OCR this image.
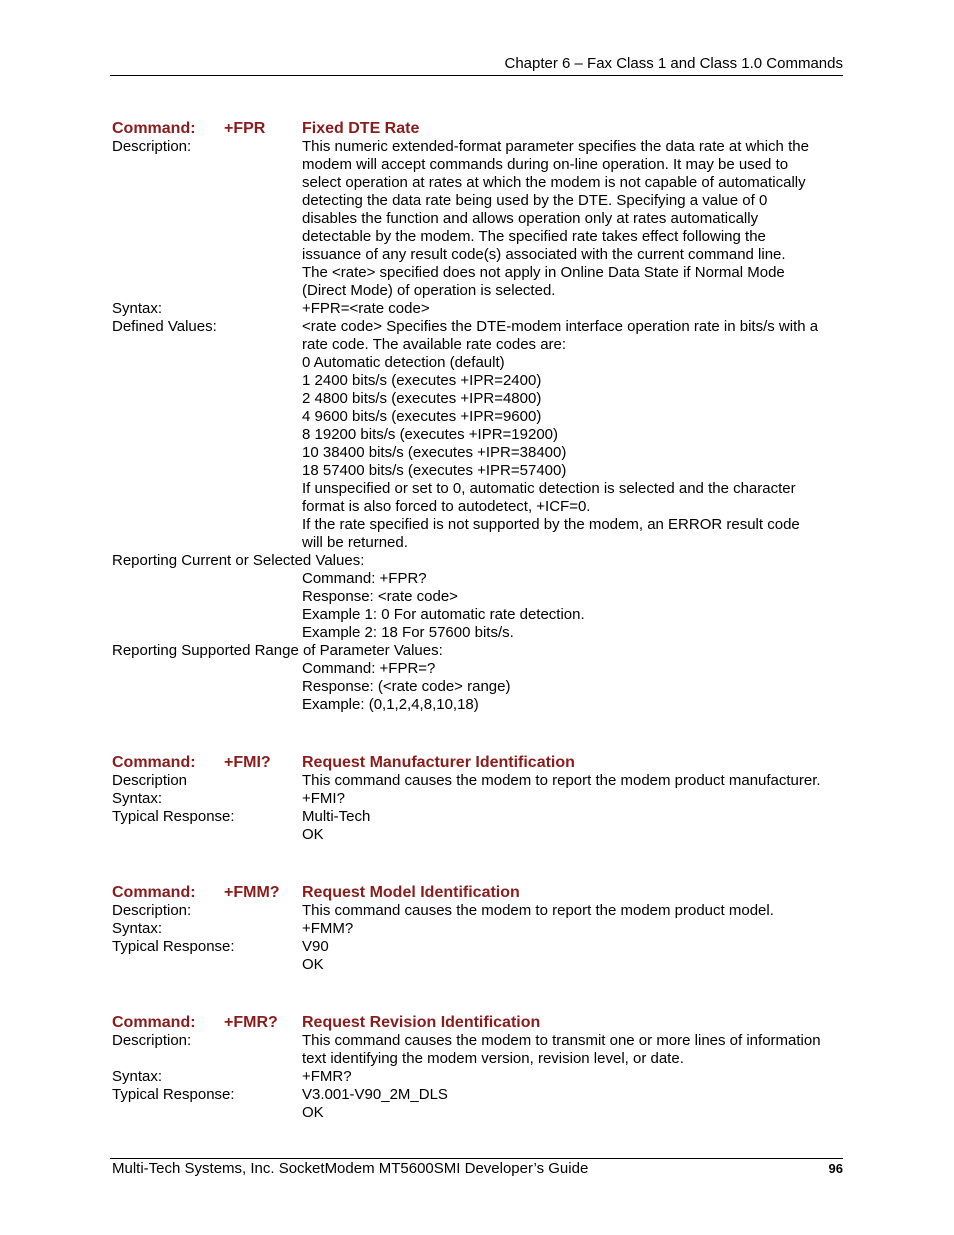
Chapter 6 – Fax Class 1 and Class 1.0 Commands
Command:	+FPR	Fixed DTE Rate
Description:	This numeric extended-format parameter specifies the data rate at which the
modem will accept commands during on-line operation. It may be used to
select operation at rates at which the modem is not capable of automatically
detecting the data rate being used by the DTE. Specifying a value of 0
disables the function and allows operation only at rates automatically
detectable by the modem. The specified rate takes effect following the
issuance of any result code(s) associated with the current command line.
The <rate> specified does not apply in Online Data State if Normal Mode
(Direct Mode) of operation is selected.
Syntax:	+FPR=<rate code>
Defined Values:	<rate code> Specifies the DTE-modem interface operation rate in bits/s with a
rate code. The available rate codes are:
0 Automatic detection (default)
1 2400 bits/s (executes +IPR=2400)
2 4800 bits/s (executes +IPR=4800)
4 9600 bits/s (executes +IPR=9600)
8 19200 bits/s (executes +IPR=19200)
10 38400 bits/s (executes +IPR=38400)
18 57400 bits/s (executes +IPR=57400)
If unspecified or set to 0, automatic detection is selected and the character
format is also forced to autodetect, +ICF=0.
If the rate specified is not supported by the modem, an ERROR result code
will be returned.
Reporting Current or Selected Values:
Command: +FPR?
Response: <rate code>
Example 1: 0 For automatic rate detection.
Example 2: 18 For 57600 bits/s.
Reporting Supported Range of Parameter Values:
Command: +FPR=?
Response: (<rate code> range)
Example: (0,1,2,4,8,10,18)
Command:	+FMI?	Request Manufacturer Identification
Description	This command causes the modem to report the modem product manufacturer.
Syntax:	+FMI?
Typical Response:	Multi-Tech
OK
Command:	+FMM?	Request Model Identification
Description:	This command causes the modem to report the modem product model.
Syntax:	+FMM?
Typical Response:	V90
OK
Command:	+FMR?	Request Revision Identification
Description:	This command causes the modem to transmit one or more lines of information
text identifying the modem version, revision level, or date.
Syntax:	+FMR?
Typical Response:	V3.001-V90_2M_DLS
OK
Multi-Tech Systems, Inc. SocketModem MT5600SMI Developer’s Guide	96
